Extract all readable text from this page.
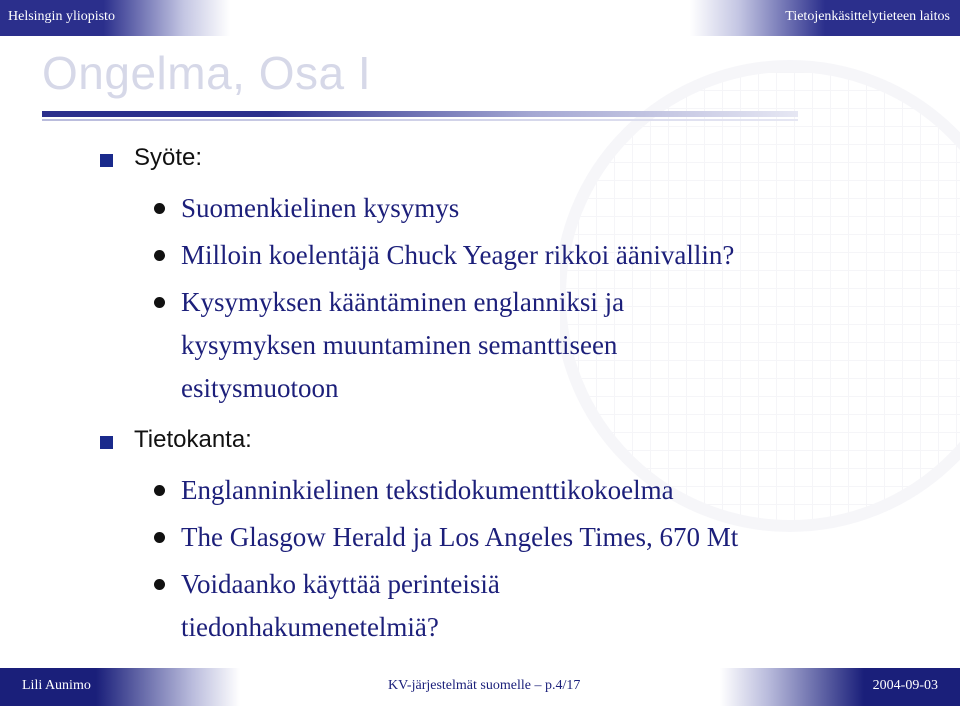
Helsingin yliopisto	Tietojenkäsittelytieteen laitos
Ongelma, Osa I
Syöte:
Suomenkielinen kysymys
Milloin koelentäjä Chuck Yeager rikkoi äänivallin?
Kysymyksen kääntäminen englanniksi ja kysymyksen muuntaminen semanttiseen esitysmuotoon
Tietokanta:
Englanninkielinen tekstidokumenttikokoelma
The Glasgow Herald ja Los Angeles Times, 670 Mt
Voidaanko käyttää perinteisiä tiedonhakumenetelmiä?
Lili Aunimo	KV-järjestelmät suomelle – p.4/17	2004-09-03
